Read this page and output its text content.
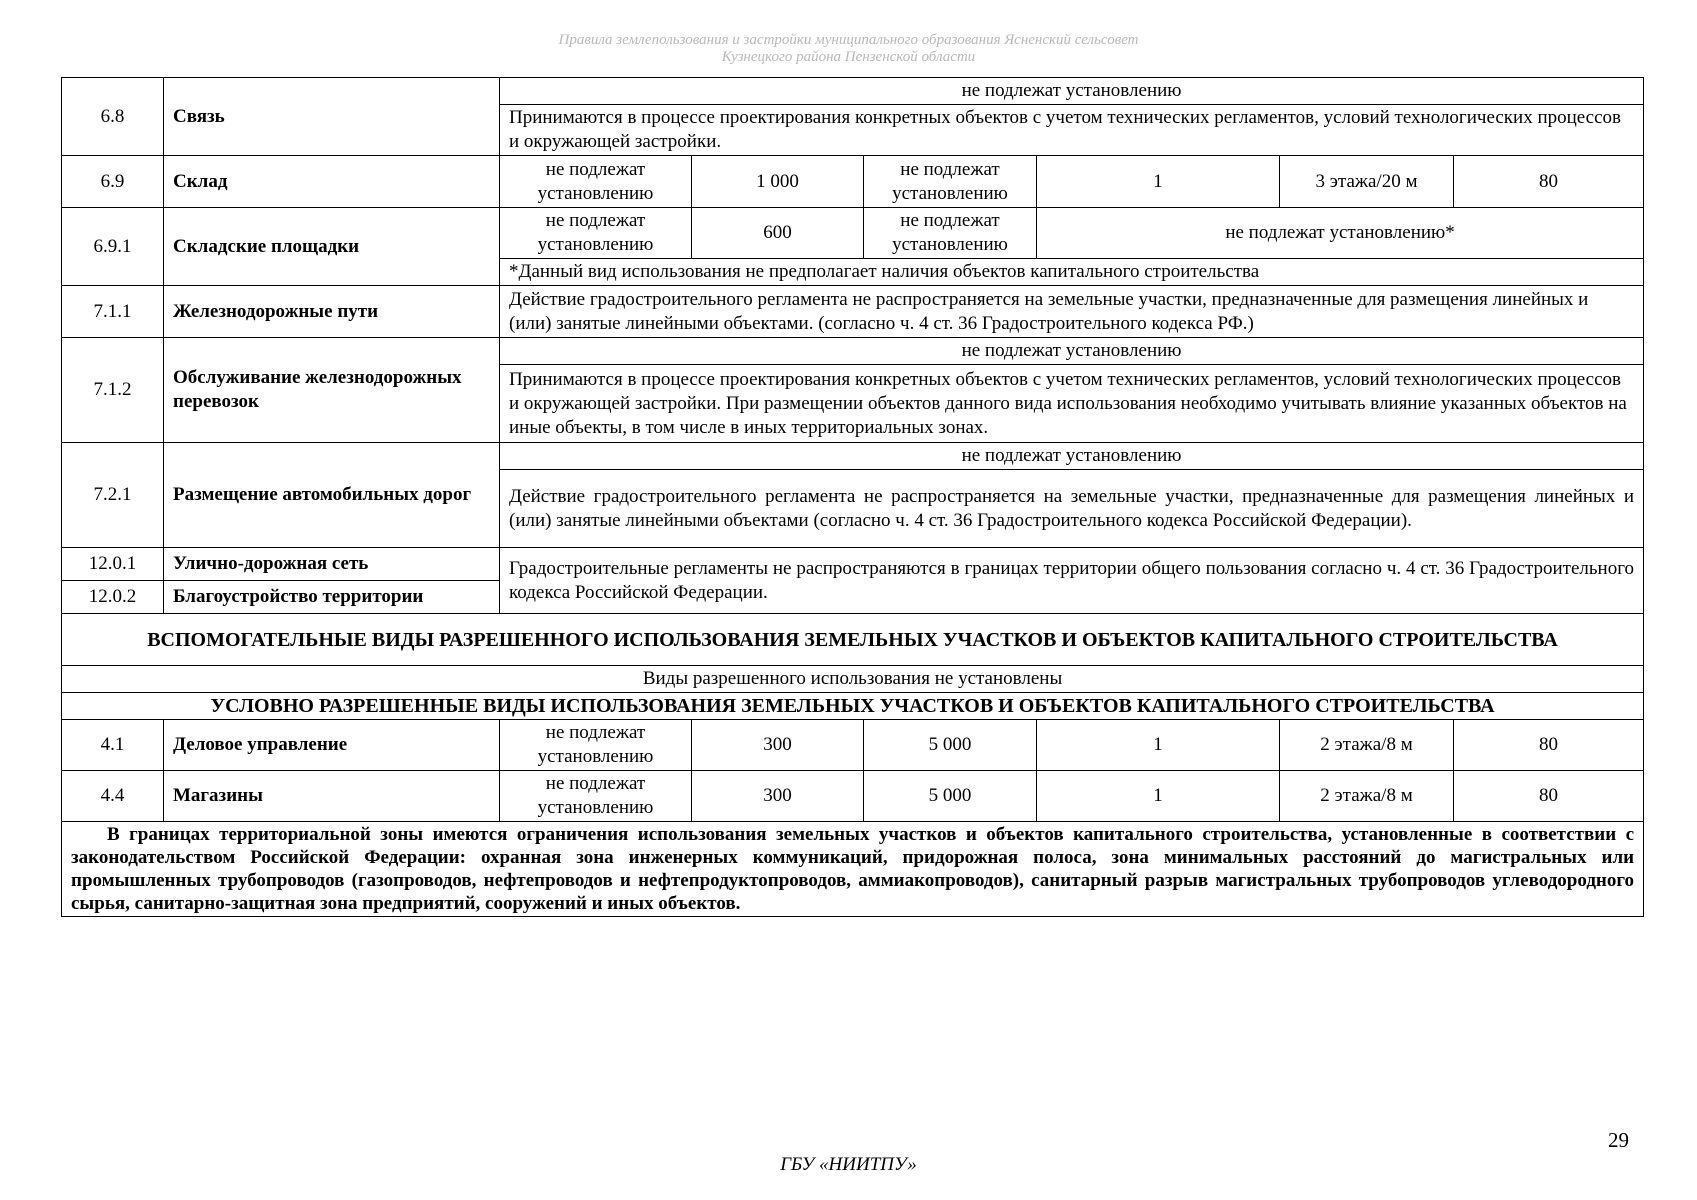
Правила землепользования и застройки муниципального образования Ясненский сельсовет
Кузнецкого района Пензенской области
6.8	Связь	не подлежат установлению					
		Принимаются в процессе проектирования конкретных объектов с учетом технических регламентов, условий технологических процессов и окружающей застройки.					
6.9	Склад	не подлежат установлению	1 000	не подлежат установлению	1	3 этажа/20 м	80
6.9.1	Складские площадки	не подлежат установлению	600	не подлежат установлению	не подлежат установлению*		
		*Данный вид использования не предполагает наличия объектов капитального строительства					
7.1.1	Железнодорожные пути	Действие градостроительного регламента не распространяется на земельные участки, предназначенные для размещения линейных и (или) занятые линейными объектами. (согласно ч. 4 ст. 36 Градостроительного кодекса РФ.)					
7.1.2	Обслуживание железнодорожных перевозок	не подлежат установлению					
		Принимаются в процессе проектирования конкретных объектов с учетом технических регламентов, условий технологических процессов и окружающей застройки. При размещении объектов данного вида использования необходимо учитывать влияние указанных объектов на иные объекты, в том числе в иных территориальных зонах.					
7.2.1	Размещение автомобильных дорог	не подлежат установлению					
		Действие градостроительного регламента не распространяется на земельные участки, предназначенные для размещения линейных и (или) занятые линейными объектами (согласно ч. 4 ст. 36 Градостроительного кодекса Российской Федерации).					
12.0.1	Улично-дорожная сеть	Градостроительные регламенты не распространяются в границах территории общего пользования согласно ч. 4 ст. 36 Градостроительного кодекса Российской Федерации.					
12.0.2	Благоустройство территории						
ВСПОМОГАТЕЛЬНЫЕ ВИДЫ РАЗРЕШЕННОГО ИСПОЛЬЗОВАНИЯ ЗЕМЕЛЬНЫХ УЧАСТКОВ И ОБЪЕКТОВ КАПИТАЛЬНОГО СТРОИТЕЛЬСТВА							
Виды разрешенного использования не установлены							
УСЛОВНО РАЗРЕШЕННЫЕ ВИДЫ ИСПОЛЬЗОВАНИЯ ЗЕМЕЛЬНЫХ УЧАСТКОВ И ОБЪЕКТОВ КАПИТАЛЬНОГО СТРОИТЕЛЬСТВА							
4.1	Деловое управление	не подлежат установлению	300	5 000	1	2 этажа/8 м	80
4.4	Магазины	не подлежат установлению	300	5 000	1	2 этажа/8 м	80
В границах территориальной зоны имеются ограничения использования земельных участков и объектов капитального строительства, установленные в соответствии с законодательством Российской Федерации: охранная зона инженерных коммуникаций, придорожная полоса, зона минимальных расстояний до магистральных или промышленных трубопроводов (газопроводов, нефтепроводов и нефтепродуктопроводов, аммиакопроводов), санитарный разрыв магистральных трубопроводов углеводородного сырья, санитарно-защитная зона предприятий, сооружений и иных объектов.							
29
ГБУ «НИИТПУ»
